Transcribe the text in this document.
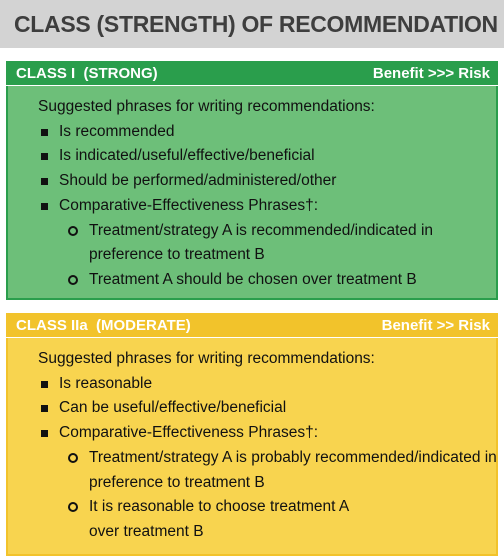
CLASS (STRENGTH) OF RECOMMENDATION
CLASS I  (STRONG)	Benefit >>> Risk
Suggested phrases for writing recommendations:
Is recommended
Is indicated/useful/effective/beneficial
Should be performed/administered/other
Comparative-Effectiveness Phrases†:
Treatment/strategy A is recommended/indicated in
preference to treatment B
Treatment A should be chosen over treatment B
CLASS IIa  (MODERATE)	Benefit >> Risk
Suggested phrases for writing recommendations:
Is reasonable
Can be useful/effective/beneficial
Comparative-Effectiveness Phrases†:
Treatment/strategy A is probably recommended/indicated in
preference to treatment B
It is reasonable to choose treatment A
over treatment B
